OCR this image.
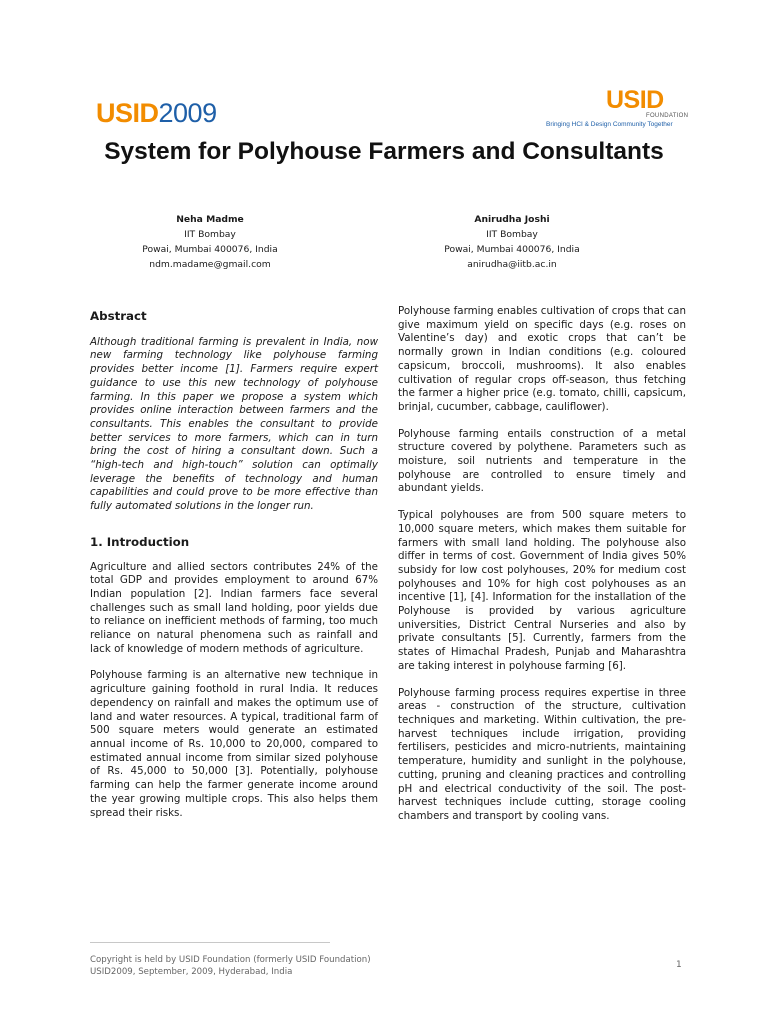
USID2009	USID
FOUNDATION
Bringing HCI & Design Community Together
System for Polyhouse Farmers and Consultants
Neha Madme
IIT Bombay
Powai, Mumbai 400076, India
ndm.madame@gmail.com
Anirudha Joshi
IIT Bombay
Powai, Mumbai 400076, India
anirudha@iitb.ac.in
Abstract

Although traditional farming is prevalent in India, now new farming technology like polyhouse farming provides better income [1]. Farmers require expert guidance to use this new technology of polyhouse farming. In this paper we propose a system which provides online interaction between farmers and the consultants. This enables the consultant to provide better services to more farmers, which can in turn bring the cost of hiring a consultant down. Such a “high-tech and high-touch” solution can optimally leverage the benefits of technology and human capabilities and could prove to be more effective than fully automated solutions in the longer run.

1. Introduction

Agriculture and allied sectors contributes 24% of the total GDP and provides employment to around 67% Indian population [2]. Indian farmers face several challenges such as small land holding, poor yields due to reliance on inefficient methods of farming, too much reliance on natural phenomena such as rainfall and lack of knowledge of modern methods of agriculture.

Polyhouse farming is an alternative new technique in agriculture gaining foothold in rural India. It reduces dependency on rainfall and makes the optimum use of land and water resources. A typical, traditional farm of 500 square meters would generate an estimated annual income of Rs. 10,000 to 20,000, compared to estimated annual income from similar sized polyhouse of Rs. 45,000 to 50,000 [3]. Potentially, polyhouse farming can help the farmer generate income around the year growing multiple crops. This also helps them spread their risks.

Polyhouse farming enables cultivation of crops that can give maximum yield on specific days (e.g. roses on Valentine’s day) and exotic crops that can’t be normally grown in Indian conditions (e.g. coloured capsicum, broccoli, mushrooms). It also enables cultivation of regular crops off-season, thus fetching the farmer a higher price (e.g. tomato, chilli, capsicum, brinjal, cucumber, cabbage, cauliflower).

Polyhouse farming entails construction of a metal structure covered by polythene. Parameters such as moisture, soil nutrients and temperature in the polyhouse are controlled to ensure timely and abundant yields.

Typical polyhouses are from 500 square meters to 10,000 square meters, which makes them suitable for farmers with small land holding. The polyhouse also differ in terms of cost. Government of India gives 50% subsidy for low cost polyhouses, 20% for medium cost polyhouses and 10% for high cost polyhouses as an incentive [1], [4]. Information for the installation of the Polyhouse is provided by various agriculture universities, District Central Nurseries and also by private consultants [5]. Currently, farmers from the states of Himachal Pradesh, Punjab and Maharashtra are taking interest in polyhouse farming [6].

Polyhouse farming process requires expertise in three areas - construction of the structure, cultivation techniques and marketing. Within cultivation, the pre-harvest techniques include irrigation, providing fertilisers, pesticides and micro-nutrients, maintaining temperature, humidity and sunlight in the polyhouse, cutting, pruning and cleaning practices and controlling pH and electrical conductivity of the soil. The post-harvest techniques include cutting, storage cooling chambers and transport by cooling vans.

Copyright is held by USID Foundation (formerly USID Foundation)
USID2009, September, 2009, Hyderabad, India
1
